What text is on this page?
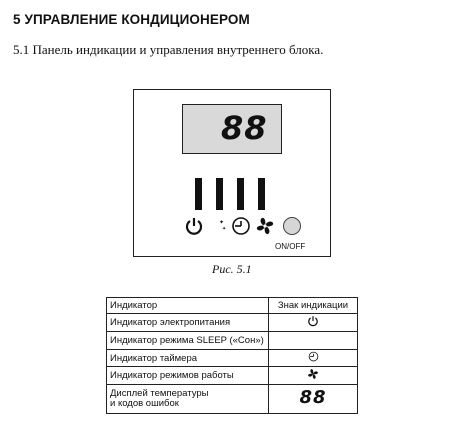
5 УПРАВЛЕНИЕ КОНДИЦИОНЕРОМ
5.1 Панель индикации и управления внутреннего блока.
88
✦
✦
ON/OFF
Рис. 5.1
Индикатор	Знак индикации
Индикатор электропитания	
Индикатор режима SLEEP («Сон»)	
Индикатор таймера	
Индикатор режимов работы	
Дисплей температуры
и кодов ошибок	88
